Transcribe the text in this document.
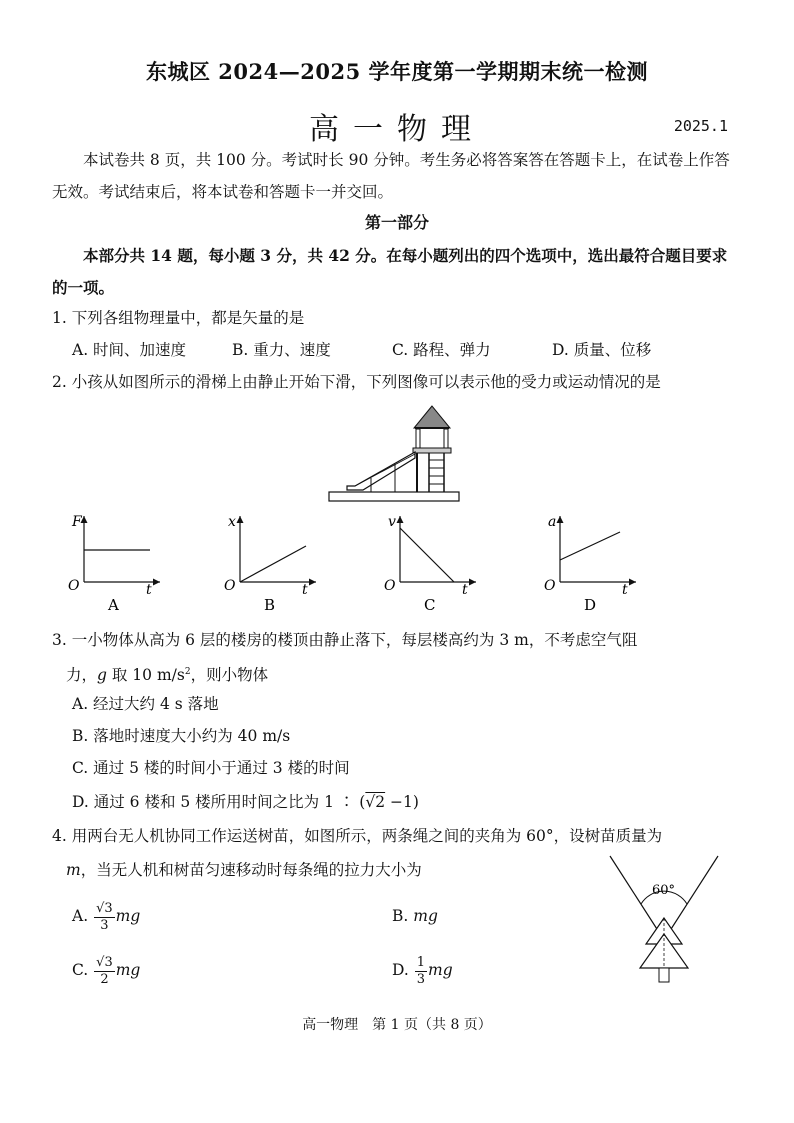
东城区 2024—2025 学年度第一学期期末统一检测
高一物理	2025.1
本试卷共 8 页，共 100 分。考试时长 90 分钟。考生务必将答案答在答题卡上，在试卷上作答无效。考试结束后，将本试卷和答题卡一并交回。
第一部分
本部分共 14 题，每小题 3 分，共 42 分。在每小题列出的四个选项中，选出最符合题目要求的一项。
1. 下列各组物理量中，都是矢量的是
A. 时间、加速度	B. 重力、速度	C. 路程、弹力	D. 质量、位移
2. 小孩从如图所示的滑梯上由静止开始下滑，下列图像可以表示他的受力或运动情况的是
F
O	t
A
x
O	t
B
v
O	t
C
a
O	t
D
3. 一小物体从高为 6 层的楼房的楼顶由静止落下，每层楼高约为 3 m，不考虑空气阻
力，g 取 10 $m/s^2$，则小物体
A. 经过大约 4 s 落地
B. 落地时速度大小约为 40 m/s
C. 通过 5 楼的时间小于通过 3 楼的时间
D. 通过 6 楼和 5 楼所用时间之比为 1 ∶ (√2 −1)
4. 用两台无人机协同工作运送树苗，如图所示，两条绳之间的夹角为 60°，设树苗质量为
m，当无人机和树苗匀速移动时每条绳的拉力大小为
A. $\frac{√3}{3}$ mg	B. mg
C. $\frac{√3}{2}$ mg	D. $\frac{1}{3}$ mg
60°
高一物理　第 1 页（共 8 页）
